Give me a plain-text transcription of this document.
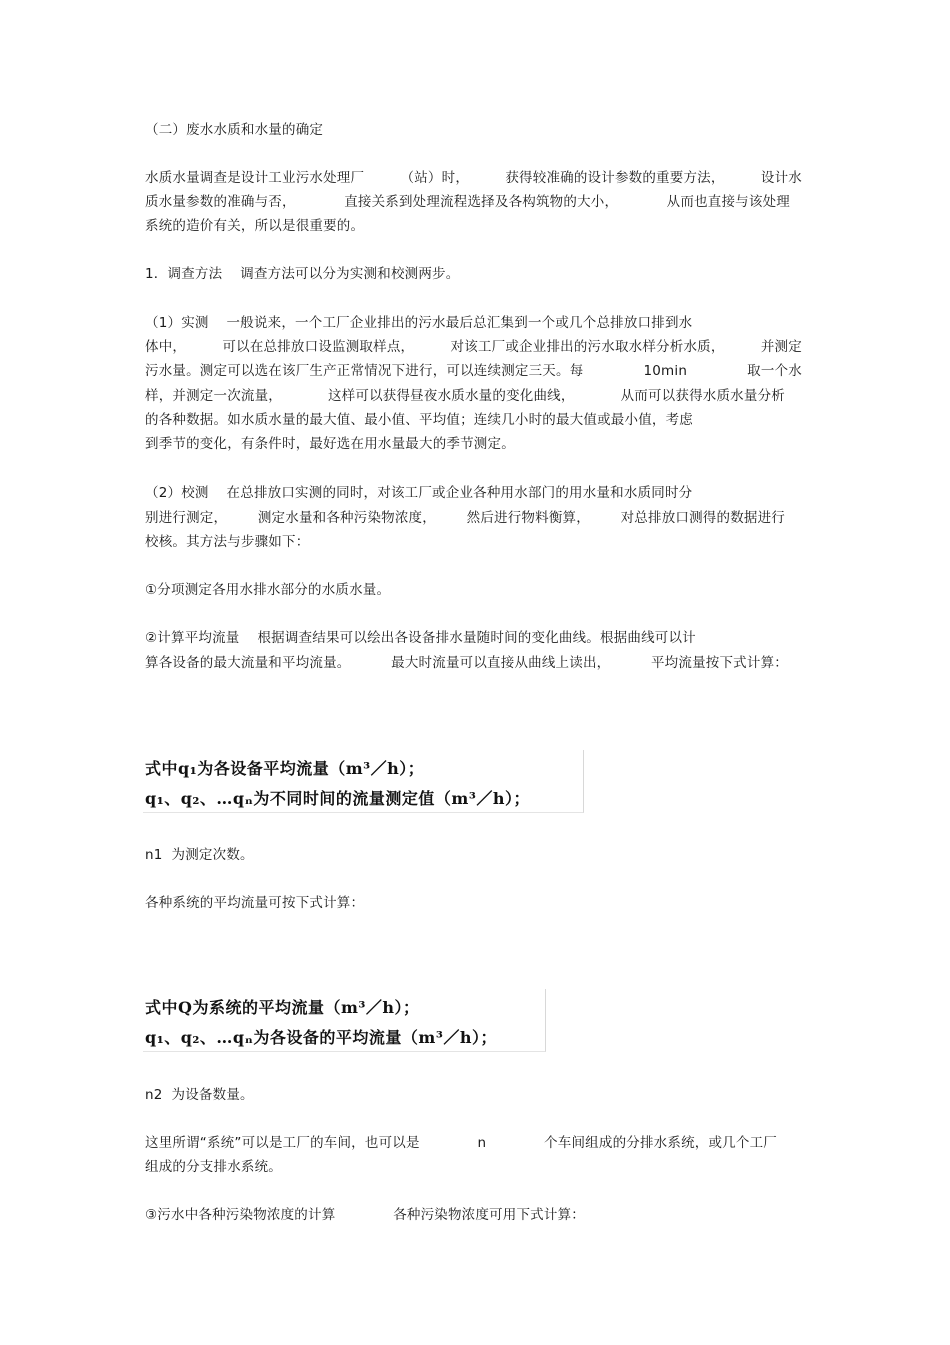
（二）废水水质和水量的确定
水质水量调查是设计工业污水处理厂	（站）时，	获得较准确的设计参数的重要方法，	设计水
质水量参数的准确与否，	直接关系到处理流程选择及各构筑物的大小，	从而也直接与该处理
系统的造价有关，所以是很重要的。
1．调查方法    调查方法可以分为实测和校测两步。
（1）实测    一般说来，一个工厂企业排出的污水最后总汇集到一个或几个总排放口排到水
体中，	可以在总排放口设监测取样点，	对该工厂或企业排出的污水取水样分析水质，	并测定
污水量。测定可以选在该厂生产正常情况下进行，可以连续测定三天。每	10min	取一个水
样，并测定一次流量，	这样可以获得昼夜水质水量的变化曲线，	从而可以获得水质水量分析
的各种数据。如水质水量的最大值、最小值、平均值；连续几小时的最大值或最小值，考虑
到季节的变化，有条件时，最好选在用水量最大的季节测定。
（2）校测    在总排放口实测的同时，对该工厂或企业各种用水部门的用水量和水质同时分
别进行测定， 测定水量和各种污染物浓度， 然后进行物料衡算， 对总排放口测得的数据进行
校核。其方法与步骤如下：
①分项测定各用水排水部分的水质水量。
②计算平均流量    根据调查结果可以绘出各设备排水量随时间的变化曲线。根据曲线可以计
算各设备的最大流量和平均流量。	最大时流量可以直接从曲线上读出，	平均流量按下式计算：
式中q₁为各设备平均流量（m³／h）；
q₁、q₂、…qₙ为不同时间的流量测定值（m³／h）；
n1  为测定次数。
各种系统的平均流量可按下式计算：
式中Q为系统的平均流量（m³／h）；
q₁、q₂、…qₙ为各设备的平均流量（m³／h）；
n2  为设备数量。
这里所谓“系统”可以是工厂的车间，也可以是	n	个车间组成的分排水系统，或几个工厂
组成的分支排水系统。
③污水中各种污染物浓度的计算	各种污染物浓度可用下式计算：
